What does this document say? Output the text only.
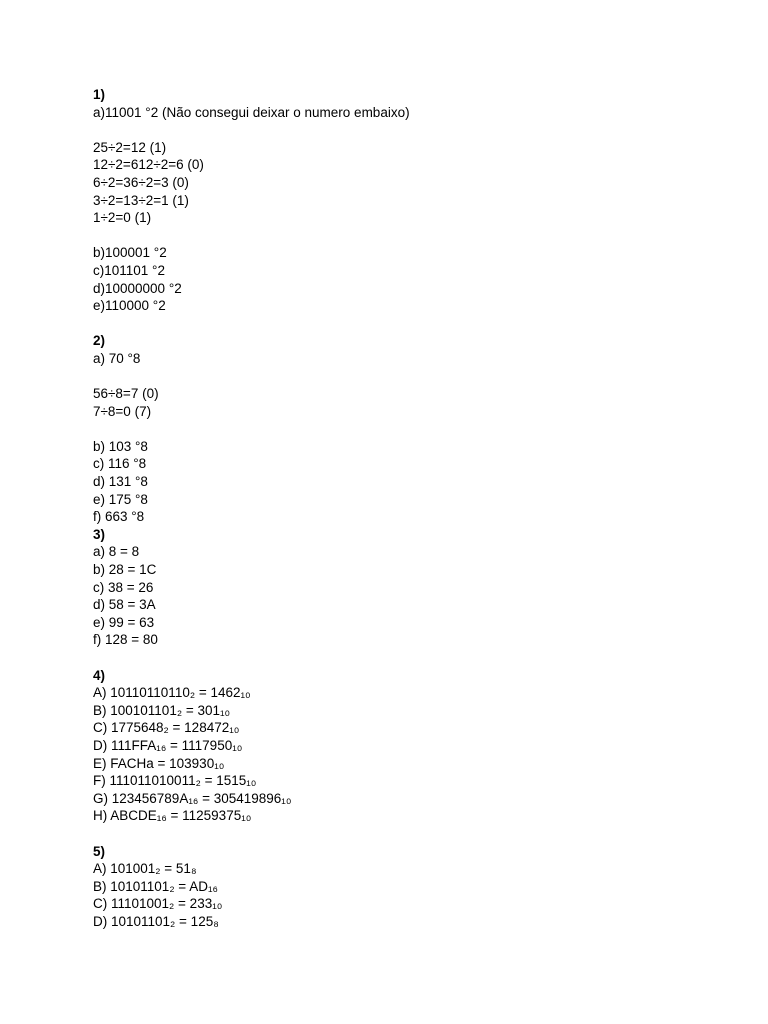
1)
a)11001 °2 (Não consegui deixar o numero embaixo)
25÷2=12 (1)
12÷2=612÷2=6 (0)
6÷2=36÷2=3 (0)
3÷2=13÷2=1 (1)
1÷2=0 (1)
b)100001 °2
c)101101 °2
d)10000000 °2
e)110000 °2
2)
a) 70 °8
56÷8=7 (0)
7÷8=0 (7)
b) 103 °8
c) 116 °8
d) 131 °8
e) 175 °8
f) 663 °8
3)
a) 8 = 8
b) 28 = 1C
c) 38 = 26
d) 58 = 3A
e) 99 = 63
f) 128 = 80
4)
A) 10110110110₂ = 1462₁₀
B) 100101101₂ = 301₁₀
C) 1775648₂ = 128472₁₀
D) 111FFA₁₆ = 1117950₁₀
E) FACHa = 103930₁₀
F) 111011010011₂ = 1515₁₀
G) 123456789A₁₆ = 305419896₁₀
H) ABCDE₁₆ = 11259375₁₀
5)
A) 101001₂ = 51₈
B) 10101101₂ = AD₁₆
C) 11101001₂ = 233₁₀
D) 10101101₂ = 125₈
